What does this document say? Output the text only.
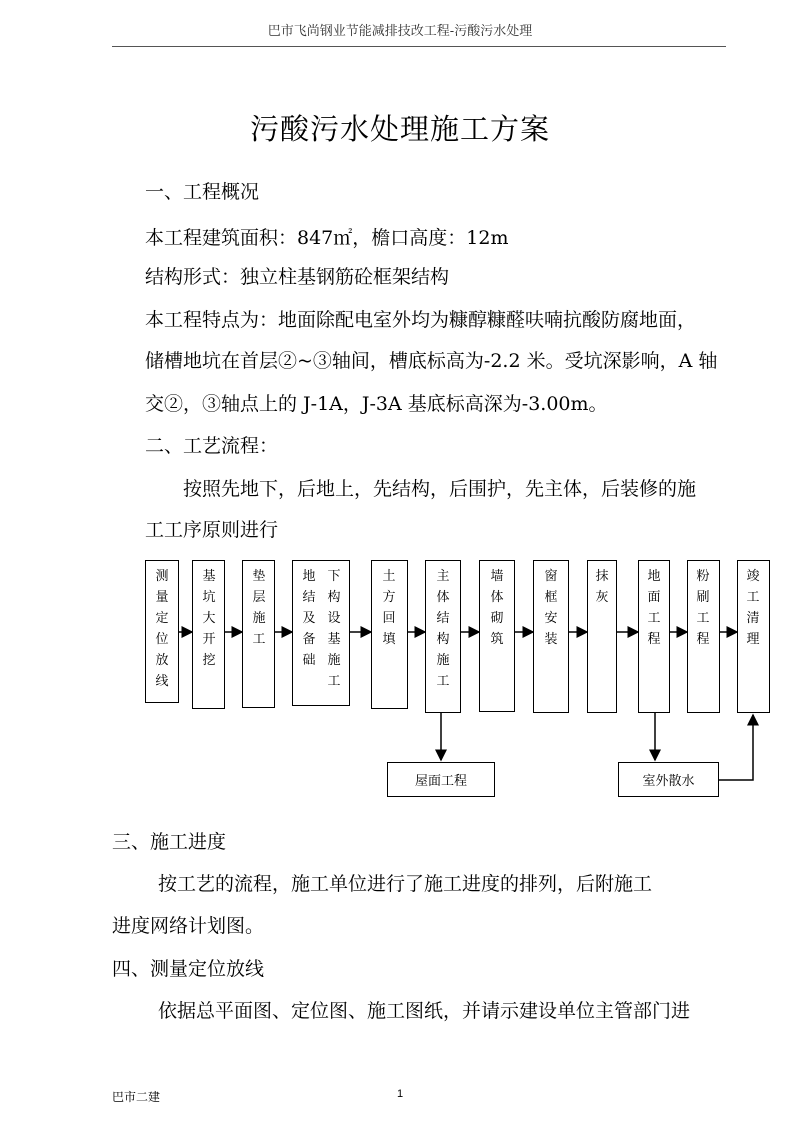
巴市飞尚钢业节能减排技改工程-污酸污水处理
污酸污水处理施工方案
一、工程概况
本工程建筑面积：847㎡，檐口高度：12m
结构形式：独立柱基钢筋砼框架结构
本工程特点为：地面除配电室外均为糠醇糠醛呋喃抗酸防腐地面，
储槽地坑在首层②~③轴间，槽底标高为-2.2 米。受坑深影响，A 轴
交②，③轴点上的 J-1A，J-3A 基底标高深为-3.00m。
二、工艺流程：
按照先地下，后地上，先结构，后围护，先主体，后装修的施
工工序原则进行
测量定位放线
基坑大开挖
垫层施工
地结及备础
下构设基施工
土方回填
主体结构施工
墙体砌筑
窗框安装
抹灰
地面工程
粉刷工程
竣工清理
屋面工程	室外散水
三、施工进度
按工艺的流程，施工单位进行了施工进度的排列，后附施工
进度网络计划图。
四、测量定位放线
依据总平面图、定位图、施工图纸，并请示建设单位主管部门进
巴市二建	1
